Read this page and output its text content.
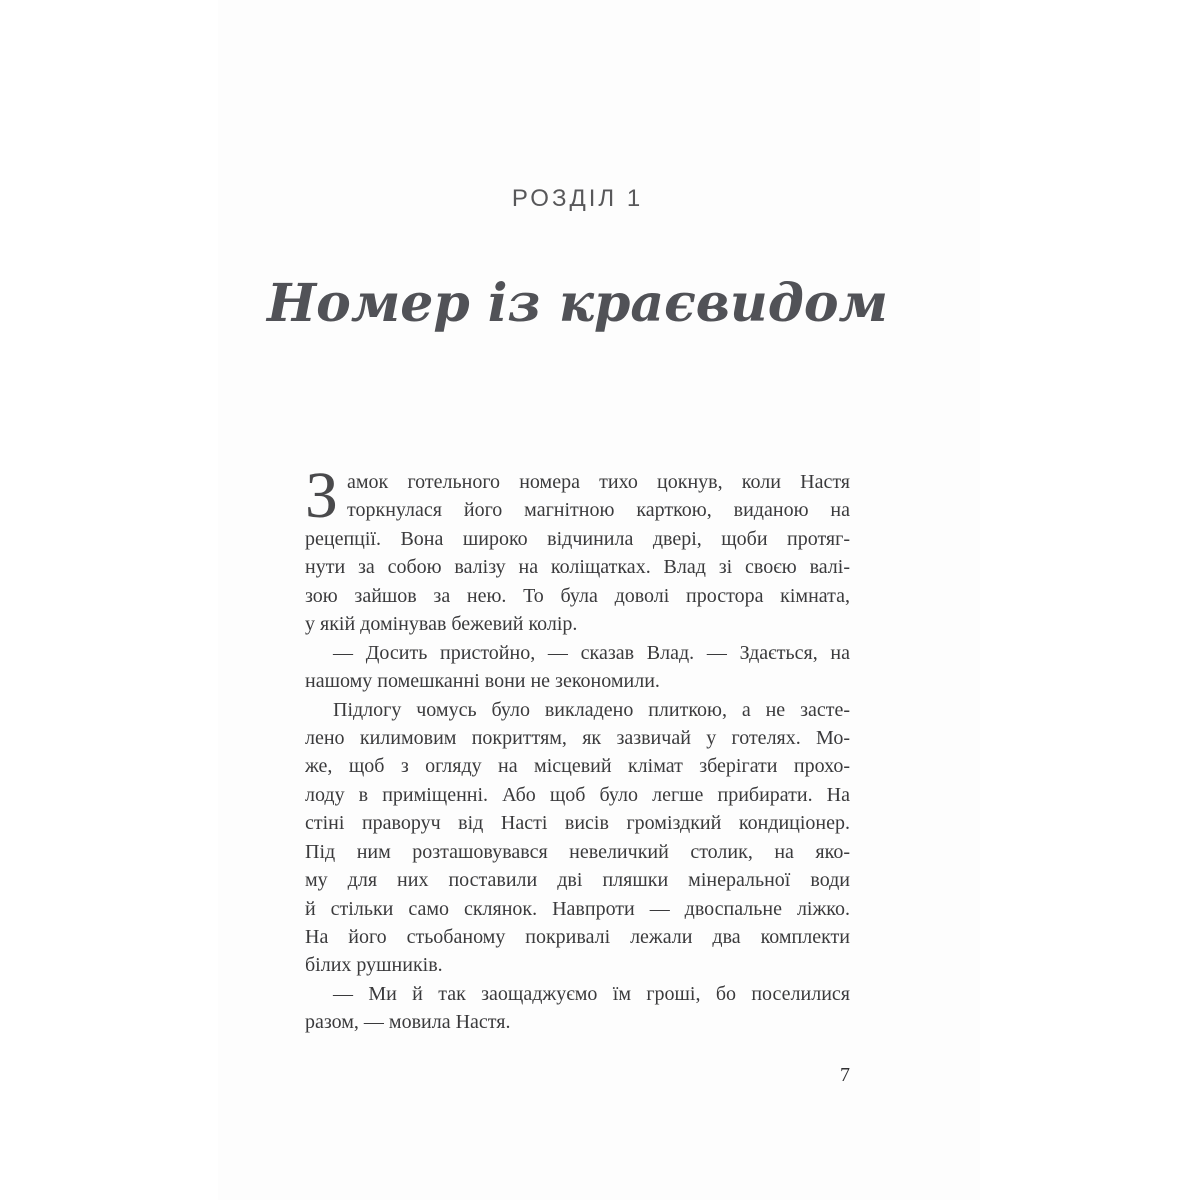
РОЗДІЛ 1
Номер із краєвидом
З амок готельного номера тихо цокнув, коли Настя
торкнулася його магнітною карткою, виданою на
рецепції. Вона широко відчинила двері, щоби протяг-
нути за собою валізу на коліщатках. Влад зі своєю валі-
зою зайшов за нею. То була доволі простора кімната,
у якій домінував бежевий колір.
— Досить пристойно, — сказав Влад. — Здається, на
нашому помешканні вони не зекономили.
Підлогу чомусь було викладено плиткою, а не засте-
лено килимовим покриттям, як зазвичай у готелях. Мо-
же, щоб з огляду на місцевий клімат зберігати прохо-
лоду в приміщенні. Або щоб було легше прибирати. На
стіні праворуч від Насті висів громіздкий кондиціонер.
Під ним розташовувався невеличкий столик, на яко-
му для них поставили дві пляшки мінеральної води
й стільки само склянок. Навпроти — двоспальне ліжко.
На його стьобаному покривалі лежали два комплекти
білих рушників.
— Ми й так заощаджуємо їм гроші, бо поселилися
разом, — мовила Настя.
7
